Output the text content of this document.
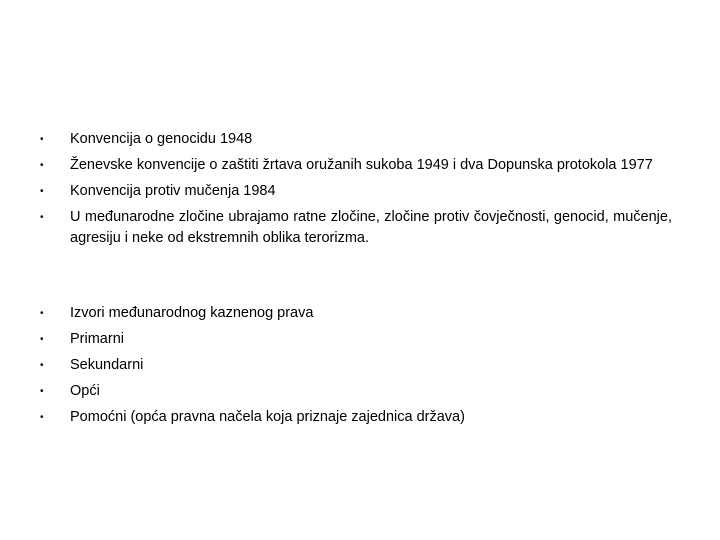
•	Konvencija o genocidu 1948
•	Ženevske konvencije o zaštiti žrtava oružanih sukoba 1949 i dva Dopunska protokola 1977
•	Konvencija protiv mučenja 1984
•	U međunarodne zločine ubrajamo ratne zločine, zločine protiv čovječnosti, genocid, mučenje, agresiju i neke od ekstremnih oblika terorizma.
•	Izvori međunarodnog kaznenog prava
•	Primarni
•	Sekundarni
•	Opći
•	Pomoćni (opća pravna načela koja priznaje zajednica država)
